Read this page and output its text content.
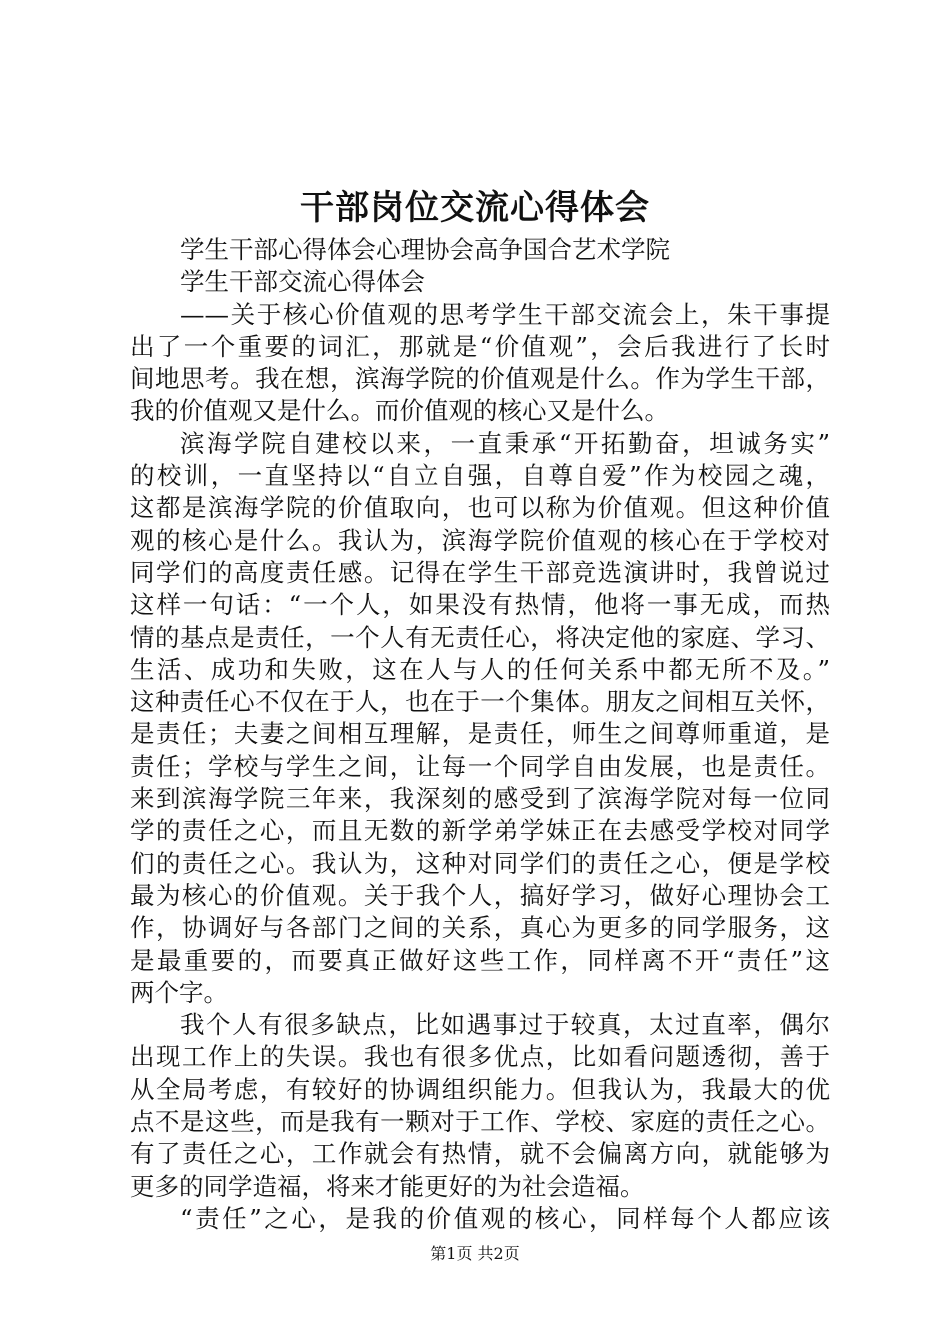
干部岗位交流心得体会
学生干部心得体会心理协会高争国合艺术学院
学生干部交流心得体会
——关于核心价值观的思考学生干部交流会上，朱干事提
出了一个重要的词汇，那就是“价值观”，会后我进行了长时
间地思考。我在想，滨海学院的价值观是什么。作为学生干部，
我的价值观又是什么。而价值观的核心又是什么。
滨海学院自建校以来，一直秉承“开拓勤奋，坦诚务实”
的校训，一直坚持以“自立自强，自尊自爱”作为校园之魂，
这都是滨海学院的价值取向，也可以称为价值观。但这种价值
观的核心是什么。我认为，滨海学院价值观的核心在于学校对
同学们的高度责任感。记得在学生干部竞选演讲时，我曾说过
这样一句话：“一个人，如果没有热情，他将一事无成，而热
情的基点是责任，一个人有无责任心，将决定他的家庭、学习、
生活、成功和失败，这在人与人的任何关系中都无所不及。”
这种责任心不仅在于人，也在于一个集体。朋友之间相互关怀，
是责任；夫妻之间相互理解，是责任，师生之间尊师重道，是
责任；学校与学生之间，让每一个同学自由发展，也是责任。
来到滨海学院三年来，我深刻的感受到了滨海学院对每一位同
学的责任之心，而且无数的新学弟学妹正在去感受学校对同学
们的责任之心。我认为，这种对同学们的责任之心，便是学校
最为核心的价值观。关于我个人，搞好学习，做好心理协会工
作，协调好与各部门之间的关系，真心为更多的同学服务，这
是最重要的，而要真正做好这些工作，同样离不开“责任”这
两个字。
我个人有很多缺点，比如遇事过于较真，太过直率，偶尔
出现工作上的失误。我也有很多优点，比如看问题透彻，善于
从全局考虑，有较好的协调组织能力。但我认为，我最大的优
点不是这些，而是我有一颗对于工作、学校、家庭的责任之心。
有了责任之心，工作就会有热情，就不会偏离方向，就能够为
更多的同学造福，将来才能更好的为社会造福。
“责任”之心，是我的价值观的核心，同样每个人都应该
第1页 共2页
